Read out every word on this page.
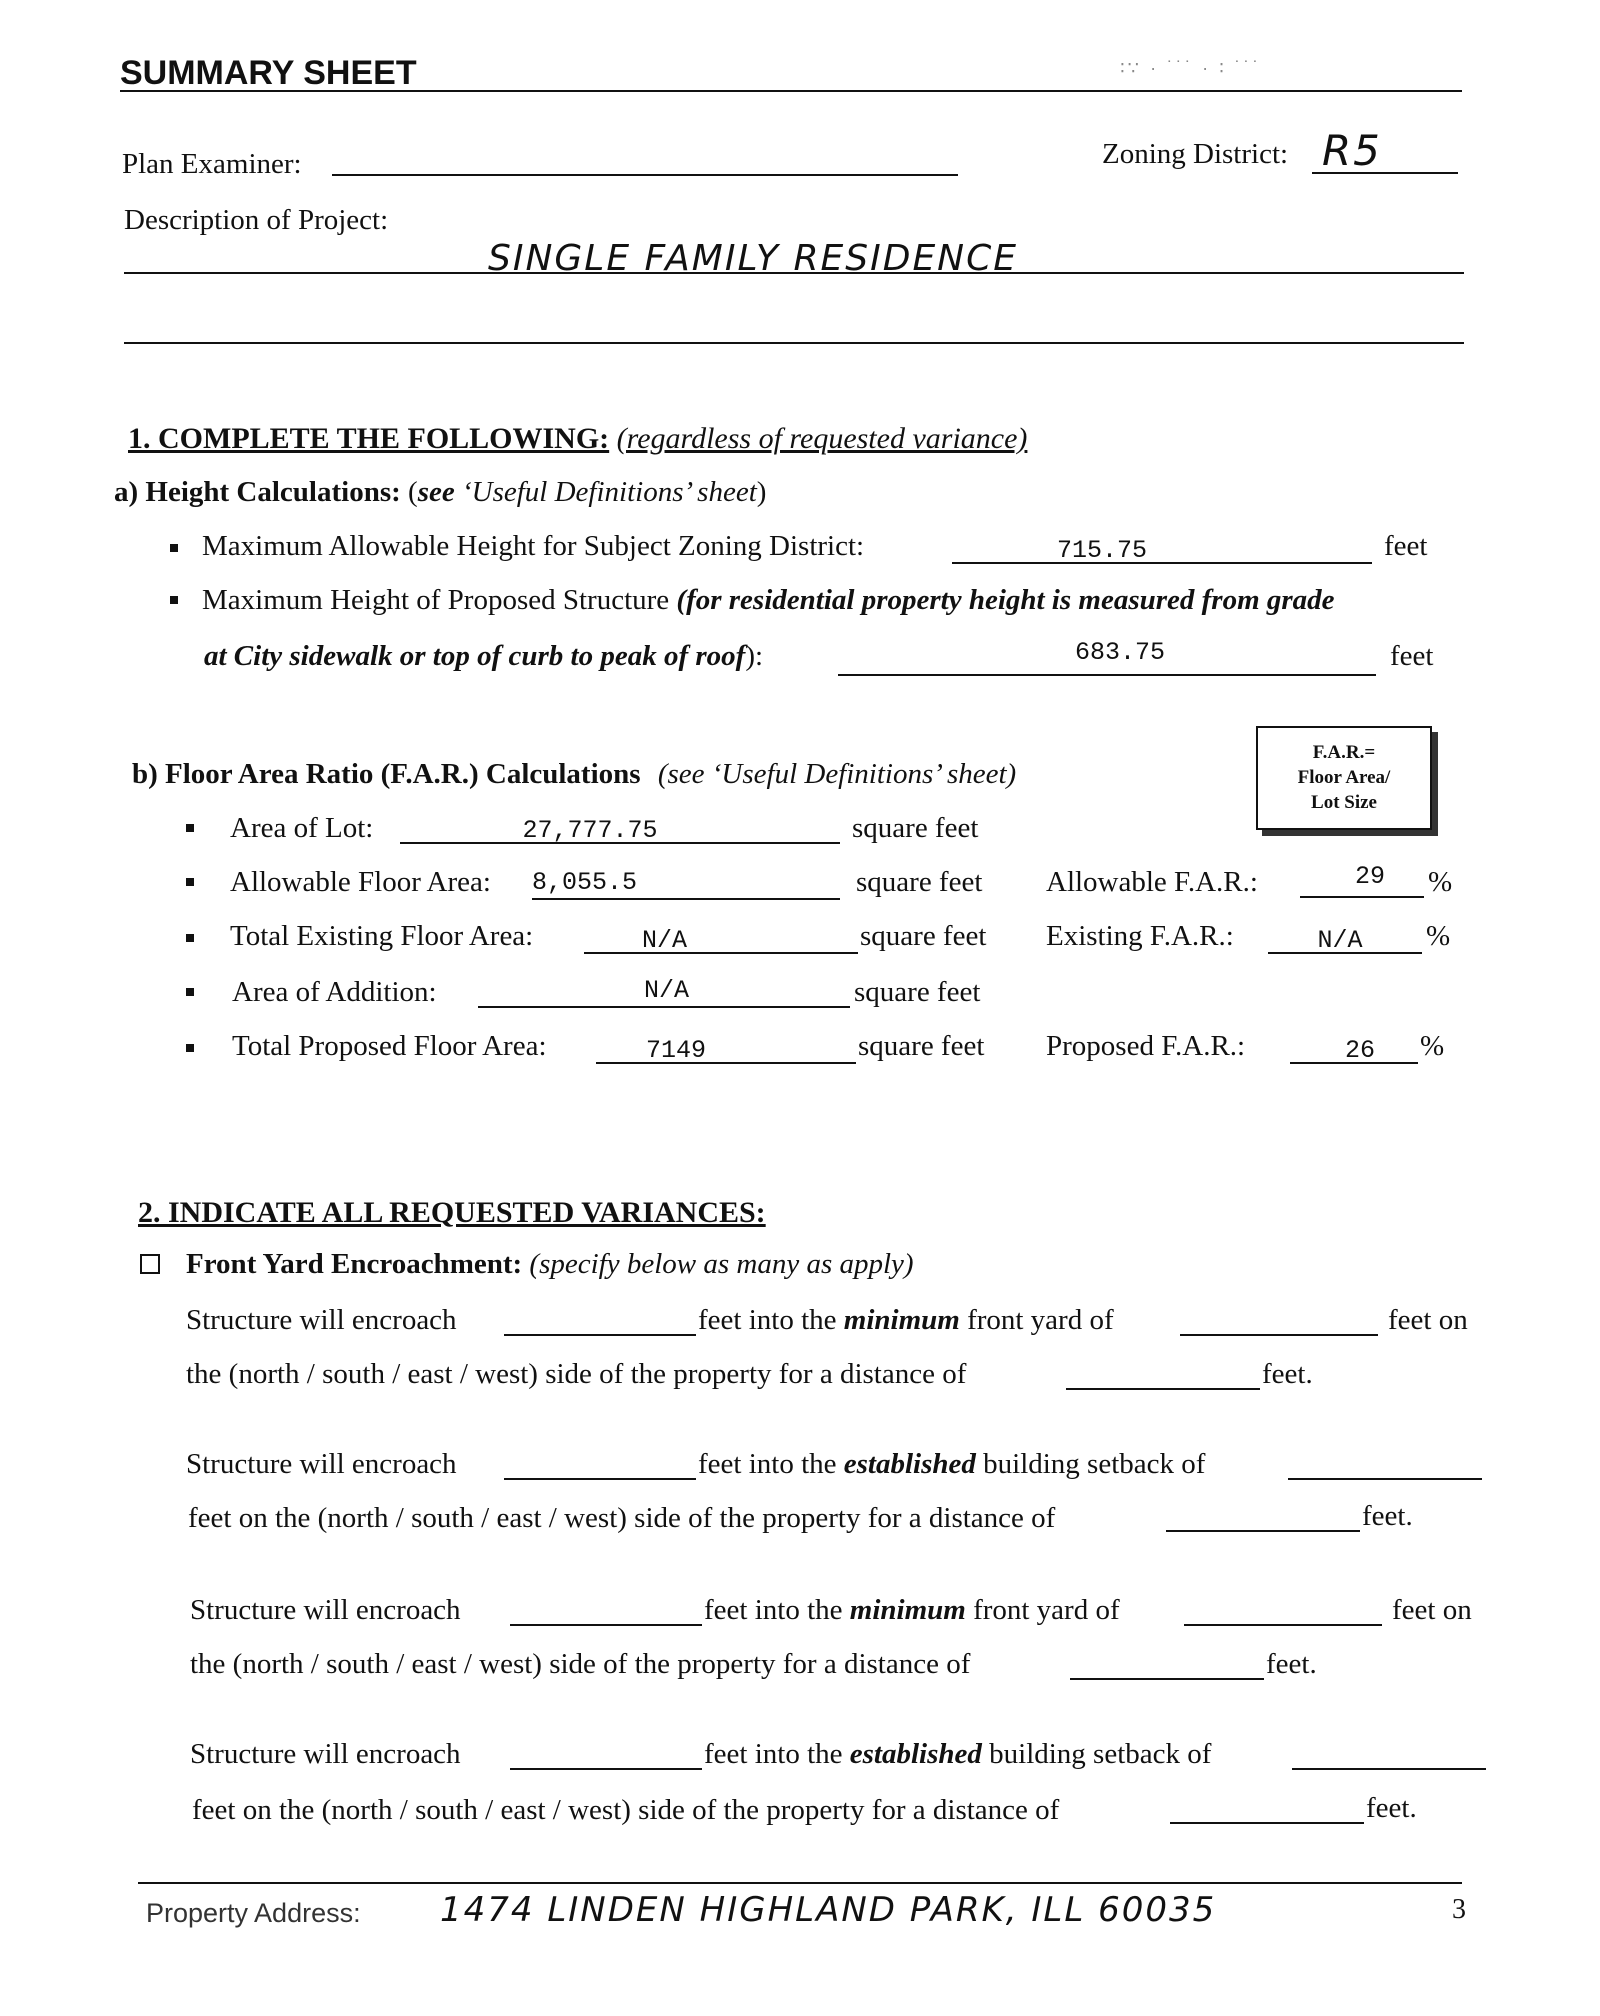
SUMMARY SHEET	∶∵ · ˙˙˙ · ∶ ˙˙˙
Plan Examiner:	Zoning District: R5
Description of Project:
SINGLE FAMILY RESIDENCE
1. COMPLETE THE FOLLOWING: (regardless of requested variance)
a) Height Calculations: (see ‘Useful Definitions’ sheet)
Maximum Allowable Height for Subject Zoning District:	715.75	feet
Maximum Height of Proposed Structure (for residential property height is measured from grade
at City sidewalk or top of curb to peak of roof):	683.75	feet
b) Floor Area Ratio (F.A.R.) Calculations (see ‘Useful Definitions’ sheet)
F.A.R.=
Floor Area/
Lot Size
Area of Lot:	27,777.75	square feet
Allowable Floor Area: 8,055.5	square feet Allowable F.A.R.:	29	%
Total Existing Floor Area:	N/A	square feet Existing F.A.R.:	N/A	%
Area of Addition:	N/A	square feet
Total Proposed Floor Area:	7149	square feet Proposed F.A.R.:	26	%
2. INDICATE ALL REQUESTED VARIANCES:
Front Yard Encroachment: (specify below as many as apply)
Structure will encroach	feet into the minimum front yard of	feet on
the (north / south / east / west) side of the property for a distance of	feet.
Structure will encroach	feet into the established building setback of
feet on the (north / south / east / west) side of the property for a distance of	feet.
Structure will encroach	feet into the minimum front yard of	feet on
the (north / south / east / west) side of the property for a distance of	feet.
Structure will encroach	feet into the established building setback of
feet on the (north / south / east / west) side of the property for a distance of	feet.
Property Address: 1474 LINDEN HIGHLAND PARK, ILL 60035	3
